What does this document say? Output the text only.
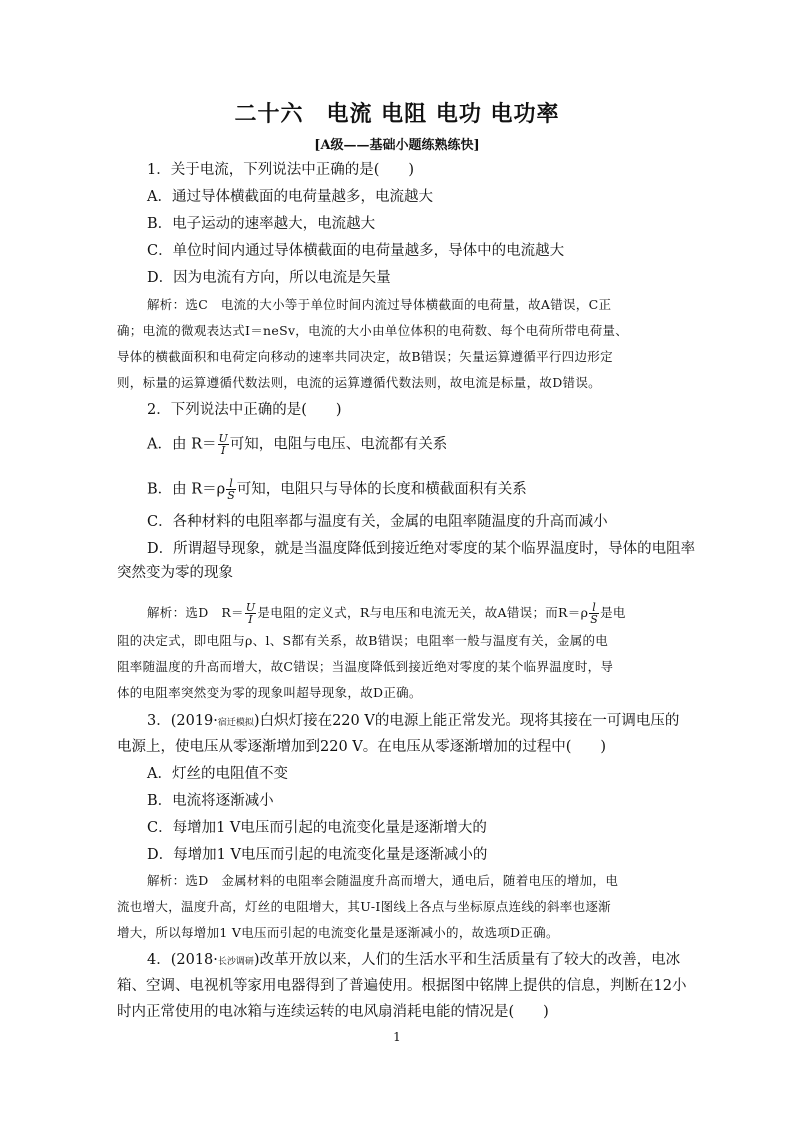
二十六　电流 电阻 电功 电功率
[A级——基础小题练熟练快]
1．关于电流，下列说法中正确的是(　　)
A．通过导体横截面的电荷量越多，电流越大
B．电子运动的速率越大，电流越大
C．单位时间内通过导体横截面的电荷量越多，导体中的电流越大
D．因为电流有方向，所以电流是矢量
解析：选C　电流的大小等于单位时间内流过导体横截面的电荷量，故A错误，C正
确；电流的微观表达式I＝neSv，电流的大小由单位体积的电荷数、每个电荷所带电荷量、
导体的横截面积和电荷定向移动的速率共同决定，故B错误；矢量运算遵循平行四边形定
则，标量的运算遵循代数法则，电流的运算遵循代数法则，故电流是标量，故D错误。
2．下列说法中正确的是(　　)
A．由 $R= \frac{U}{I}$ 可知，电阻与电压、电流都有关系
B．由 $R=\rho \frac{l}{S}$ 可知，电阻只与导体的长度和横截面积有关系
C．各种材料的电阻率都与温度有关，金属的电阻率随温度的升高而减小
D．所谓超导现象，就是当温度降低到接近绝对零度的某个临界温度时，导体的电阻率
突然变为零的现象
解析：选D　$R= \frac{U}{I}$ 是电阻的定义式，R与电压和电流无关，故A错误；而$R=\rho \frac{l}{S}$ 是电
阻的决定式，即电阻与ρ、l、S都有关系，故B错误；电阻率一般与温度有关，金属的电
阻率随温度的升高而增大，故C错误；当温度降低到接近绝对零度的某个临界温度时，导
体的电阻率突然变为零的现象叫超导现象，故D正确。
3．(2019·宿迁模拟)白炽灯接在220 V的电源上能正常发光。现将其接在一可调电压的
电源上，使电压从零逐渐增加到220 V。在电压从零逐渐增加的过程中(　　)
A．灯丝的电阻值不变
B．电流将逐渐减小
C．每增加1 V电压而引起的电流变化量是逐渐增大的
D．每增加1 V电压而引起的电流变化量是逐渐减小的
解析：选D　金属材料的电阻率会随温度升高而增大，通电后，随着电压的增加，电
流也增大，温度升高，灯丝的电阻增大，其U-I图线上各点与坐标原点连线的斜率也逐渐
增大，所以每增加1 V电压而引起的电流变化量是逐渐减小的，故选项D正确。
4．(2018·长沙调研)改革开放以来，人们的生活水平和生活质量有了较大的改善，电冰
箱、空调、电视机等家用电器得到了普遍使用。根据图中铭牌上提供的信息，判断在12小
时内正常使用的电冰箱与连续运转的电风扇消耗电能的情况是(　　)
1
